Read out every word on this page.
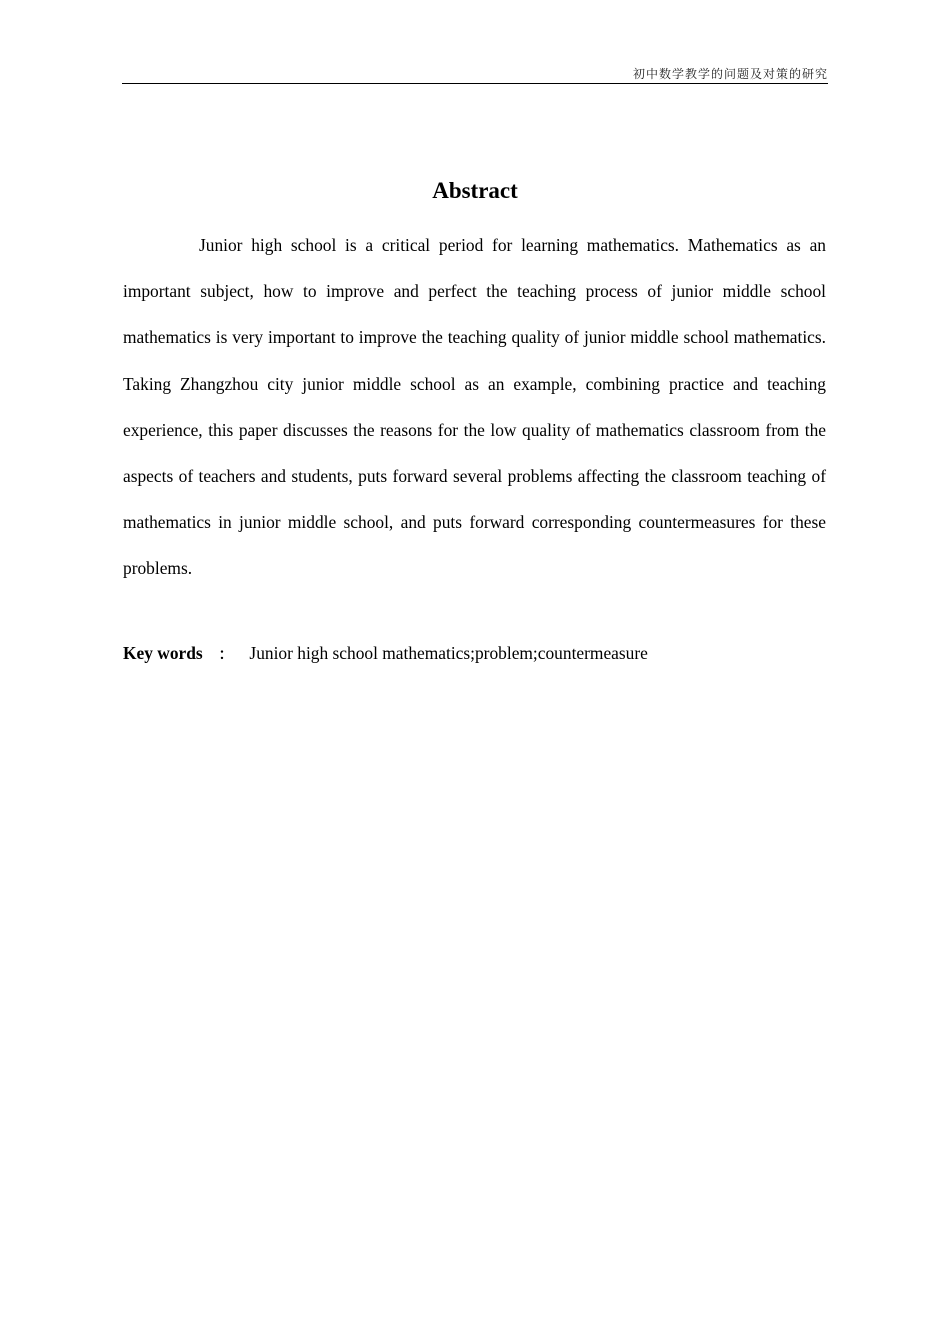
初中数学教学的问题及对策的研究
Abstract

Junior high school is a critical period for learning mathematics. Mathematics as an important subject, how to improve and perfect the teaching process of junior middle school mathematics is very important to improve the teaching quality of junior middle school mathematics. Taking Zhangzhou city junior middle school as an example, combining practice and teaching experience, this paper discusses the reasons for the low quality of mathematics classroom from the aspects of teachers and students, puts forward several problems affecting the classroom teaching of mathematics in junior middle school, and puts forward corresponding countermeasures for these problems.

Key words ： Junior high school mathematics;problem;countermeasure
